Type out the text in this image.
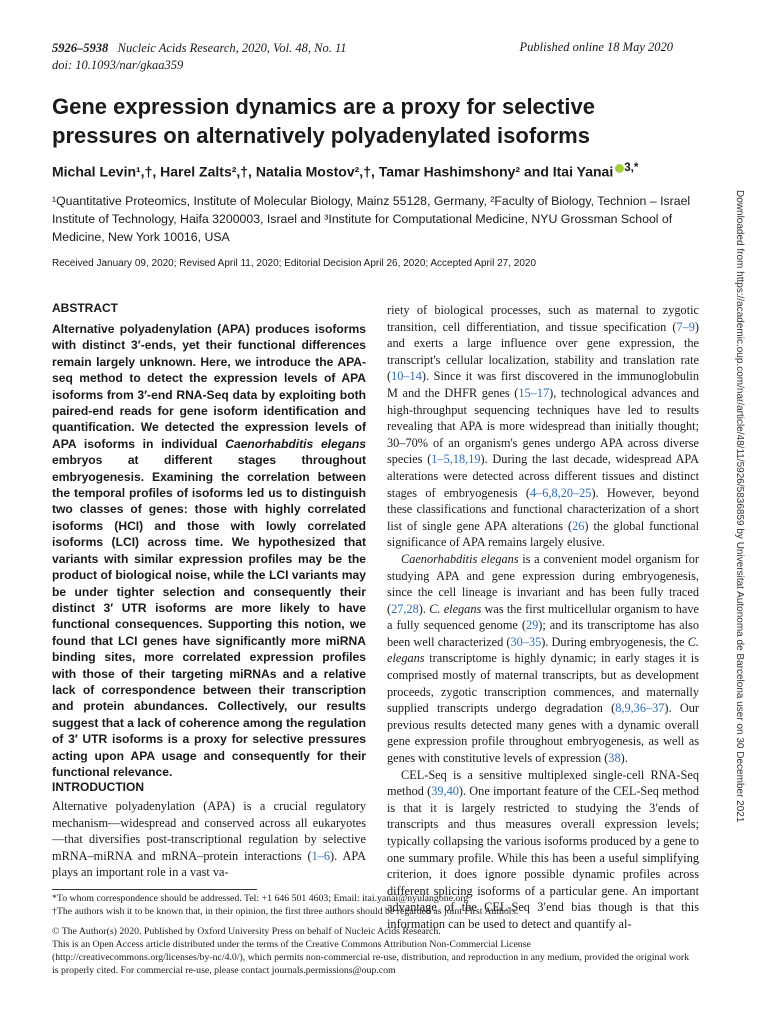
5926–5938 Nucleic Acids Research, 2020, Vol. 48, No. 11
doi: 10.1093/nar/gkaa359
Published online 18 May 2020
Gene expression dynamics are a proxy for selective pressures on alternatively polyadenylated isoforms
Michal Levin¹,†, Harel Zalts²,†, Natalia Mostov²,†, Tamar Hashimshony² and Itai Yanai $^{3,*}$
¹Quantitative Proteomics, Institute of Molecular Biology, Mainz 55128, Germany, ²Faculty of Biology, Technion – Israel Institute of Technology, Haifa 3200003, Israel and ³Institute for Computational Medicine, NYU Grossman School of Medicine, New York 10016, USA
Received January 09, 2020; Revised April 11, 2020; Editorial Decision April 26, 2020; Accepted April 27, 2020
ABSTRACT
Alternative polyadenylation (APA) produces isoforms with distinct 3′-ends, yet their functional differences remain largely unknown. Here, we introduce the APA-seq method to detect the expression levels of APA isoforms from 3′-end RNA-Seq data by exploiting both paired-end reads for gene isoform identification and quantification. We detected the expression levels of APA isoforms in individual Caenorhabditis elegans embryos at different stages throughout embryogenesis. Examining the correlation between the temporal profiles of isoforms led us to distinguish two classes of genes: those with highly correlated isoforms (HCI) and those with lowly correlated isoforms (LCI) across time. We hypothesized that variants with similar expression profiles may be the product of biological noise, while the LCI variants may be under tighter selection and consequently their distinct 3′ UTR isoforms are more likely to have functional consequences. Supporting this notion, we found that LCI genes have significantly more miRNA binding sites, more correlated expression profiles with those of their targeting miRNAs and a relative lack of correspondence between their transcription and protein abundances. Collectively, our results suggest that a lack of coherence among the regulation of 3′ UTR isoforms is a proxy for selective pressures acting upon APA usage and consequently for their functional relevance.
INTRODUCTION
Alternative polyadenylation (APA) is a crucial regulatory mechanism—widespread and conserved across all eukaryotes—that diversifies post-transcriptional regulation by selective mRNA–miRNA and mRNA–protein interactions (1–6). APA plays an important role in a vast va-

riety of biological processes, such as maternal to zygotic transition, cell differentiation, and tissue specification (7–9) and exerts a large influence over gene expression, the transcript's cellular localization, stability and translation rate (10–14). Since it was first discovered in the immunoglobulin M and the DHFR genes (15–17), technological advances and high-throughput sequencing techniques have led to results revealing that APA is more widespread than initially thought; 30–70% of an organism's genes undergo APA across diverse species (1–5,18,19). During the last decade, widespread APA alterations were detected across different tissues and distinct stages of embryogenesis (4–6,8,20–25). However, beyond these classifications and functional characterization of a short list of single gene APA alterations (26) the global functional significance of APA remains largely elusive.

Caenorhabditis elegans is a convenient model organism for studying APA and gene expression during embryogenesis, since the cell lineage is invariant and has been fully traced (27,28). C. elegans was the first multicellular organism to have a fully sequenced genome (29); and its transcriptome has also been well characterized (30–35). During embryogenesis, the C. elegans transcriptome is highly dynamic; in early stages it is comprised mostly of maternal transcripts, but as development proceeds, zygotic transcription commences, and maternally supplied transcripts undergo degradation (8,9,36–37). Our previous results detected many genes with a dynamic overall gene expression profile throughout embryogenesis, as well as genes with constitutive levels of expression (38).

CEL-Seq is a sensitive multiplexed single-cell RNA-Seq method (39,40). One important feature of the CEL-Seq method is that it is largely restricted to studying the 3′ends of transcripts and thus measures overall expression levels; typically collapsing the various isoforms produced by a gene to one summary profile. While this has been a useful simplifying criterion, it does ignore possible dynamic profiles across different splicing isoforms of a particular gene. An important advantage of the CEL-Seq 3′end bias though is that this information can be used to detect and quantify al-

*To whom correspondence should be addressed. Tel: +1 646 501 4603; Email: itai.yanai@nyulangone.org
†The authors wish it to be known that, in their opinion, the first three authors should be regarded as joint First Authors.
© The Author(s) 2020. Published by Oxford University Press on behalf of Nucleic Acids Research.
This is an Open Access article distributed under the terms of the Creative Commons Attribution Non-Commercial License
(http://creativecommons.org/licenses/by-nc/4.0/), which permits non-commercial re-use, distribution, and reproduction in any medium, provided the original work
is properly cited. For commercial re-use, please contact journals.permissions@oup.com
Downloaded from https://academic.oup.com/nar/article/48/11/5926/5836859 by Universitat Autonoma de Barcelona user on 30 December 2021
